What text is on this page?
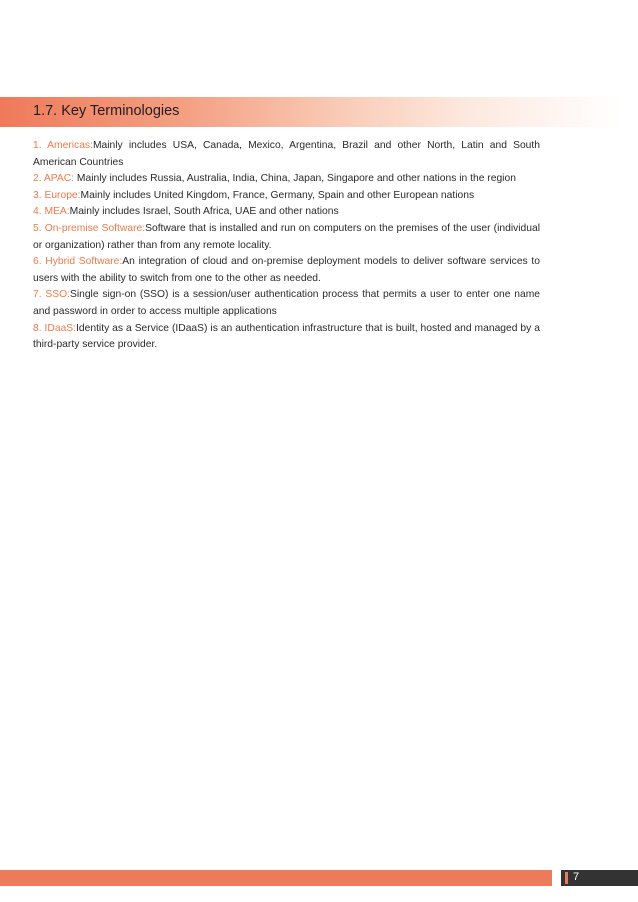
1.7. Key Terminologies

1. Americas:Mainly includes USA, Canada, Mexico, Argentina, Brazil and other North, Latin and South American Countries

2. APAC: Mainly includes Russia, Australia, India, China, Japan, Singapore and other nations in the region

3. Europe:Mainly includes United Kingdom, France, Germany, Spain and other European nations

4. MEA:Mainly includes Israel, South Africa, UAE and other nations

5. On-premise Software:Software that is installed and run on computers on the premises of the user (individual or organization) rather than from any remote locality.

6. Hybrid Software:An integration of cloud and on-premise deployment models to deliver software services to users with the ability to switch from one to the other as needed.

7. SSO:Single sign-on (SSO) is a session/user authentication process that permits a user to enter one name and password in order to access multiple applications

8. IDaaS:Identity as a Service (IDaaS) is an authentication infrastructure that is built, hosted and managed by a third-party service provider.

7
